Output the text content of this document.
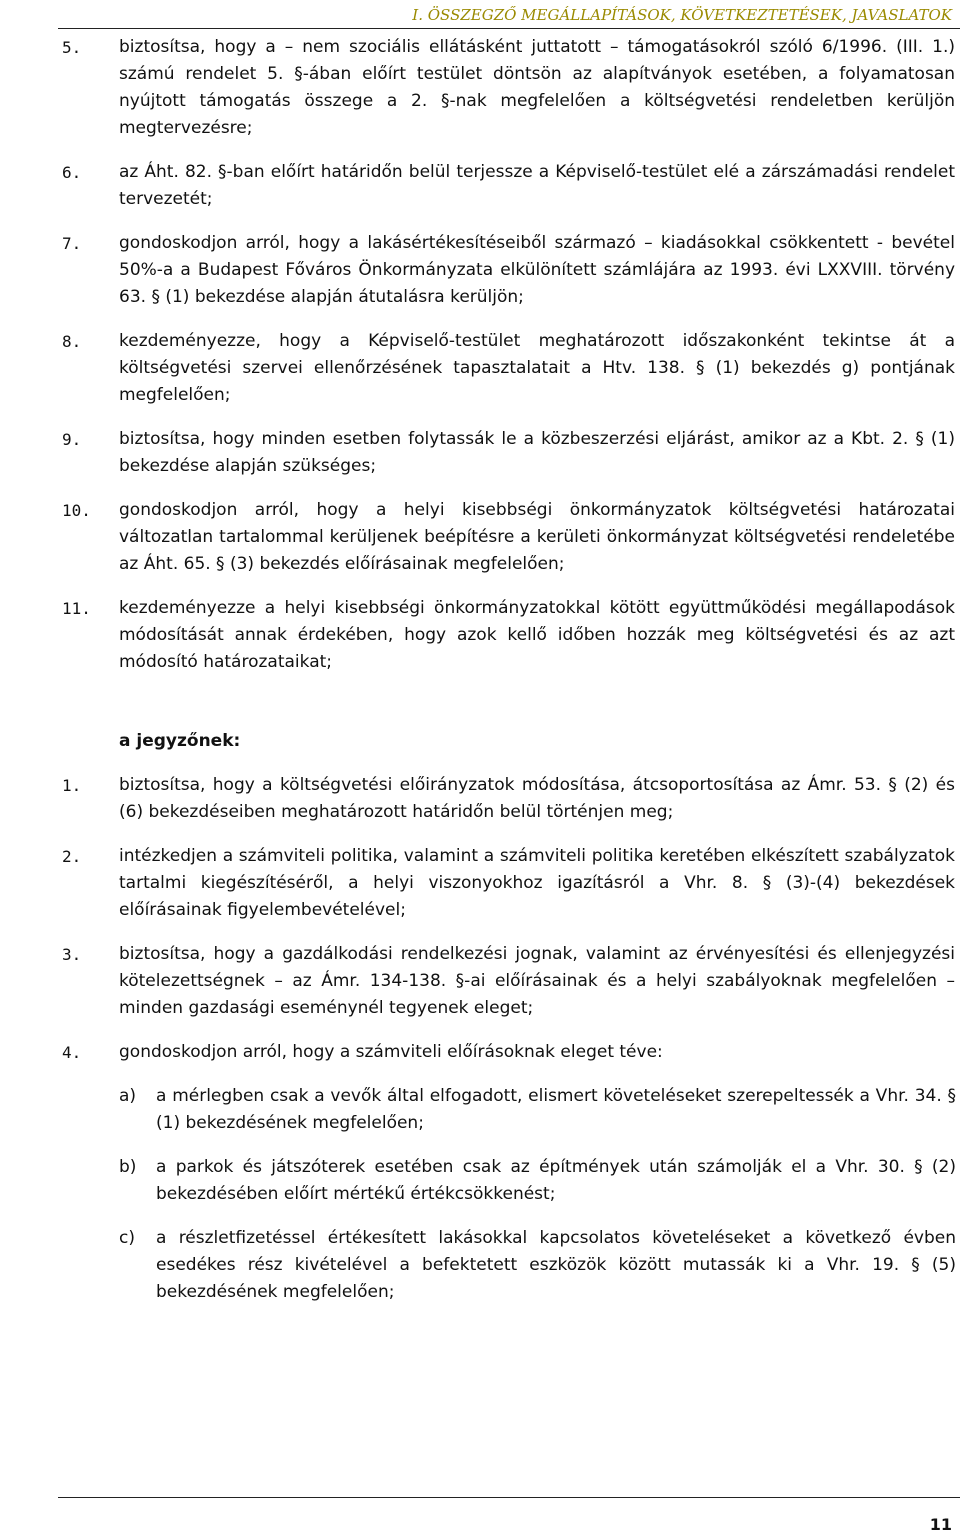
I. ÖSSZEGZŐ MEGÁLLAPÍTÁSOK, KÖVETKEZTETÉSEK, JAVASLATOK
5. biztosítsa, hogy a – nem szociális ellátásként juttatott – támogatásokról szóló 6/1996. (III. 1.) számú rendelet 5. §-ában előírt testület döntsön az alapítványok esetében, a folyamatosan nyújtott támogatás összege a 2. §-nak megfelelően a költségvetési rendeletben kerüljön megtervezésre;
6. az Áht. 82. §-ban előírt határidőn belül terjessze a Képviselő-testület elé a zárszámadási rendelet tervezetét;
7. gondoskodjon arról, hogy a lakásértékesítéseiből származó – kiadásokkal csökkentett - bevétel 50%-a a Budapest Főváros Önkormányzata elkülönített számlájára az 1993. évi LXXVIII. törvény 63. § (1) bekezdése alapján átutalásra kerüljön;
8. kezdeményezze, hogy a Képviselő-testület meghatározott időszakonként tekintse át a költségvetési szervei ellenőrzésének tapasztalatait a Htv. 138. § (1) bekezdés g) pontjának megfelelően;
9. biztosítsa, hogy minden esetben folytassák le a közbeszerzési eljárást, amikor az a Kbt. 2. § (1) bekezdése alapján szükséges;
10. gondoskodjon arról, hogy a helyi kisebbségi önkormányzatok költségvetési határozatai változatlan tartalommal kerüljenek beépítésre a kerületi önkormányzat költségvetési rendeletébe az Áht. 65. § (3) bekezdés előírásainak megfelelően;
11. kezdeményezze a helyi kisebbségi önkormányzatokkal kötött együttműködési megállapodások módosítását annak érdekében, hogy azok kellő időben hozzák meg költségvetési és az azt módosító határozataikat;
a jegyzőnek:
1. biztosítsa, hogy a költségvetési előirányzatok módosítása, átcsoportosítása az Ámr. 53. § (2) és (6) bekezdéseiben meghatározott határidőn belül történjen meg;
2. intézkedjen a számviteli politika, valamint a számviteli politika keretében elkészített szabályzatok tartalmi kiegészítéséről, a helyi viszonyokhoz igazításról a Vhr. 8. § (3)-(4) bekezdések előírásainak figyelembevételével;
3. biztosítsa, hogy a gazdálkodási rendelkezési jognak, valamint az érvényesítési és ellenjegyzési kötelezettségnek – az Ámr. 134-138. §-ai előírásainak és a helyi szabályoknak megfelelően – minden gazdasági eseménynél tegyenek eleget;
4. gondoskodjon arról, hogy a számviteli előírásoknak eleget téve:
a) a mérlegben csak a vevők által elfogadott, elismert követeléseket szerepeltessék a Vhr. 34. § (1) bekezdésének megfelelően;
b) a parkok és játszóterek esetében csak az építmények után számolják el a Vhr. 30. § (2) bekezdésében előírt mértékű értékcsökkenést;
c) a részletfizetéssel értékesített lakásokkal kapcsolatos követeléseket a következő évben esedékes rész kivételével a befektetett eszközök között mutassák ki a Vhr. 19. § (5) bekezdésének megfelelően;
11
